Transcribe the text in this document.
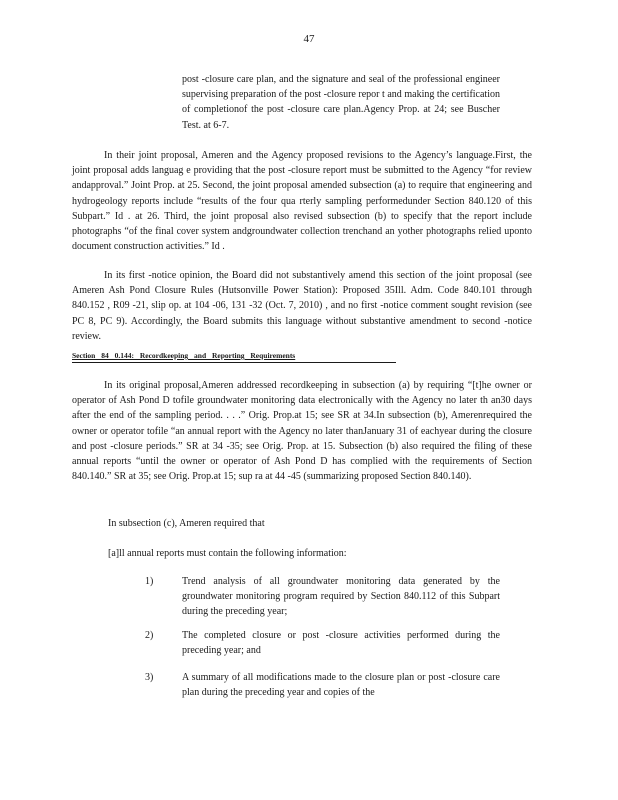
47

post -closure care plan, and the signature and seal of the professional engineer supervising preparation of the post -closure repor t and making the certification of completionof the post -closure care plan.Agency Prop. at 24; see Buscher Test. at 6-7.

In their joint proposal, Ameren and the Agency proposed revisions to the Agency’s language.First, the joint proposal adds languag e providing that the post -closure report must be submitted to the Agency “for review andapproval.” Joint Prop. at 25. Second, the joint proposal amended subsection (a) to require that engineering and hydrogeology reports include “results of the four qua rterly sampling performedunder Section 840.120 of this Subpart.” Id . at 26. Third, the joint proposal also revised subsection (b) to specify that the report include photographs “of the final cover system andgroundwater collection trenchand an yother photographs relied uponto document construction activities.” Id .

In its first -notice opinion, the Board did not substantively amend this section of the joint proposal (see Ameren Ash Pond Closure Rules (Hutsonville Power Station): Proposed 35Ill. Adm. Code 840.101 through 840.152 , R09 -21, slip op. at 104 -06, 131 -32 (Oct. 7, 2010) , and no first -notice comment sought revision (see PC 8, PC 9). Accordingly, the Board submits this language without substantive amendment to second -notice review.

Section 84 0.144: Recordkeeping and Reporting Requirements

In its original proposal,Ameren addressed recordkeeping in subsection (a) by requiring “[t]he owner or operator of Ash Pond D tofile groundwater monitoring data electronically with the Agency no later th an30 days after the end of the sampling period. . . .” Orig. Prop.at 15; see SR at 34.In subsection (b), Amerenrequired the owner or operator tofile “an annual report with the Agency no later thanJanuary 31 of eachyear during the closure and post -closure periods.” SR at 34 -35; see Orig. Prop. at 15. Subsection (b) also required the filing of these annual reports “until the owner or operator of Ash Pond D has complied with the requirements of Section 840.140.” SR at 35; see Orig. Prop.at 15; sup ra at 44 -45 (summarizing proposed Section 840.140).

In subsection (c), Ameren required that

[a]ll annual reports must contain the following information:

1)	Trend analysis of all groundwater monitoring data generated by the groundwater monitoring program required by Section 840.112 of this Subpart during the preceding year;
2)	The completed closure or post -closure activities performed during the preceding year; and
3)	A summary of all modifications made to the closure plan or post -closure care plan during the preceding year and copies of the
